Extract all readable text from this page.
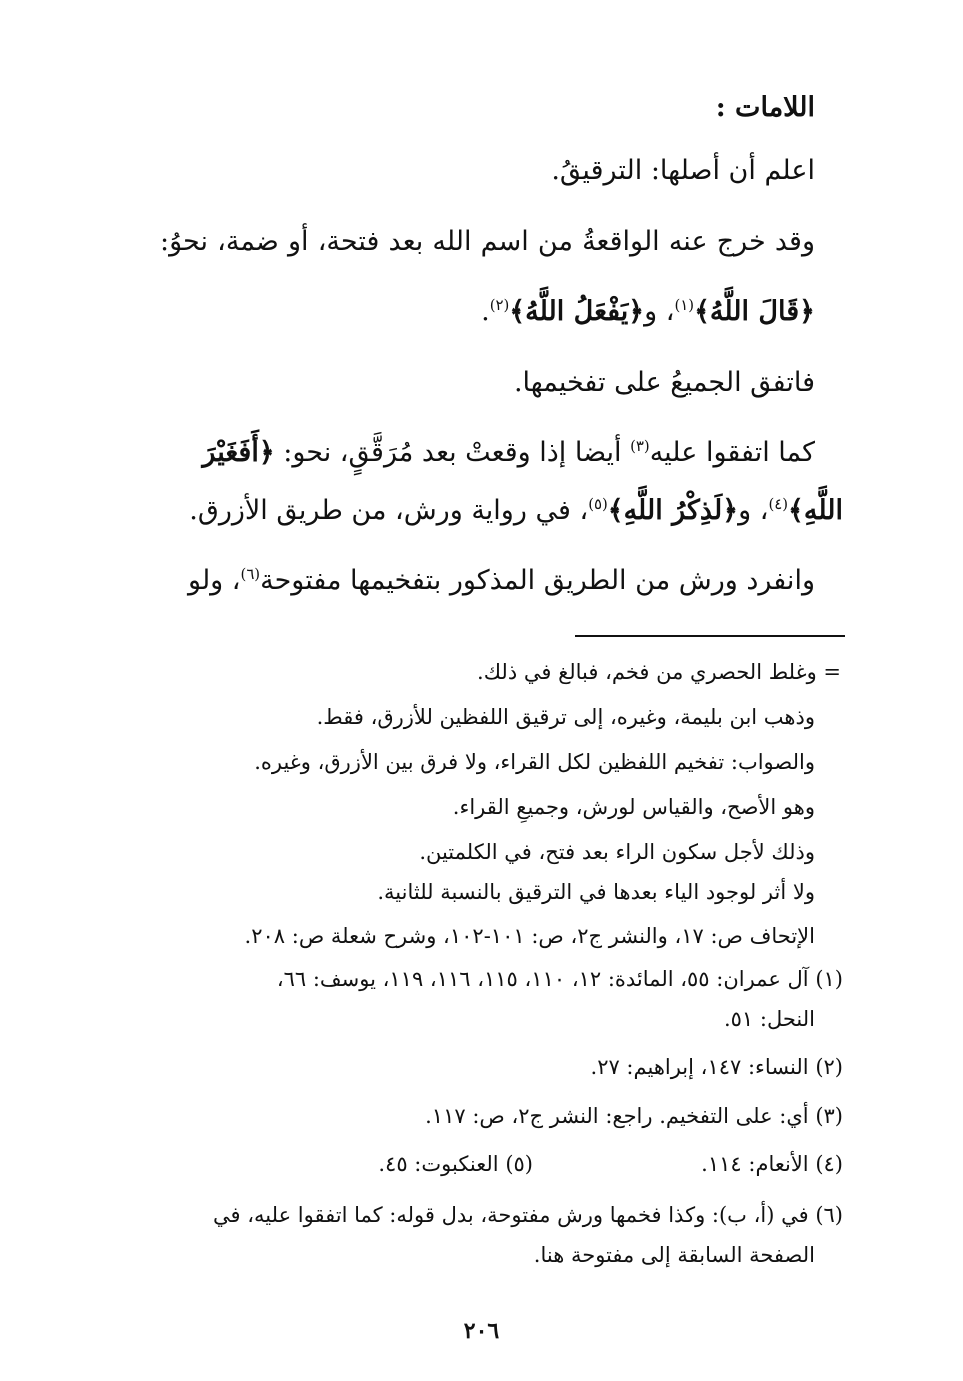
اللامات :
اعلم أن أصلها: الترقيقُ.
وقد خرج عنه الواقعةُ من اسم الله بعد فتحة، أو ضمة، نحوُ:
﴿قَالَ اللَّهُ﴾$^{(١)}$، و﴿يَفْعَلُ اللَّهُ﴾$^{(٢)}$.
فاتفق الجميعُ على تفخيمها.
كما اتفقوا عليه$^{(٣)}$ أيضا إذا وقعتْ بعد مُرَقَّقٍ، نحو: ﴿أَفَغَيْرَ
اللَّهِ﴾$^{(٤)}$، و﴿لَذِكْرُ اللَّهِ﴾$^{(٥)}$، في رواية ورش، من طريق الأزرق.
وانفرد ورش من الطريق المذكور بتفخيمها مفتوحة$^{(٦)}$، ولو
= وغلط الحصري من فخم، فبالغ في ذلك.
وذهب ابن بليمة، وغيره، إلى ترقيق اللفظين للأزرق، فقط.
والصواب: تفخيم اللفظين لكل القراء، ولا فرق بين الأزرق، وغيره.
وهو الأصح، والقياس لورش، وجميعِ القراء.
وذلك لأجل سكون الراء بعد فتح، في الكلمتين.
ولا أثر لوجود الياء بعدها في الترقيق بالنسبة للثانية.
الإتحاف ص: ١٧، والنشر ج٢، ص: ١٠١-١٠٢، وشرح شعلة ص: ٢٠٨.
(١) آل عمران: ٥٥، المائدة: ١٢، ١١٠، ١١٥، ١١٦، ١١٩، يوسف: ٦٦،
النحل: ٥١.
(٢) النساء: ١٤٧، إبراهيم: ٢٧.
(٣) أي: على التفخيم. راجع: النشر ج٢، ص: ١١٧.
(٤) الأنعام: ١١٤.
(٥) العنكبوت: ٤٥.
(٦) في (أ، ب): وكذا فخمها ورش مفتوحة، بدل قوله: كما اتفقوا عليه، في
الصفحة السابقة إلى مفتوحة هنا.
٢٠٦
